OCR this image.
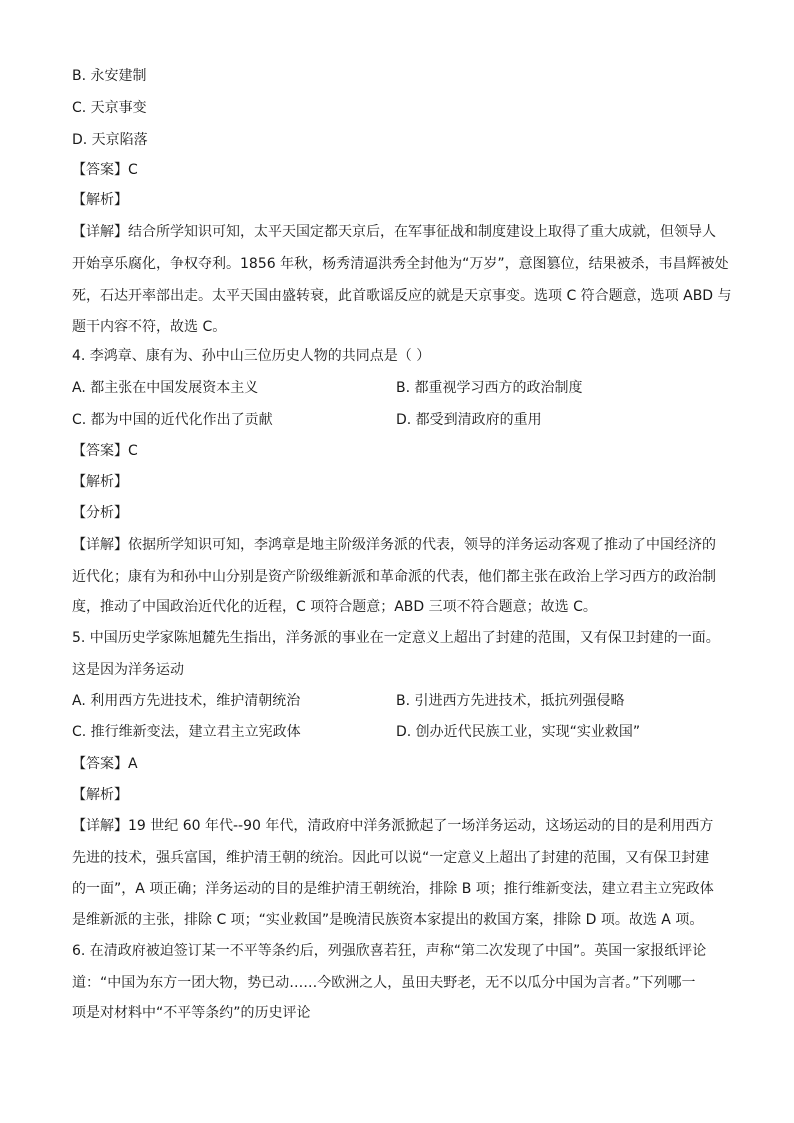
B. 永安建制
C. 天京事变
D. 天京陷落
【答案】C
【解析】
【详解】结合所学知识可知，太平天国定都天京后，在军事征战和制度建设上取得了重大成就，但领导人
开始享乐腐化，争权夺利。1856 年秋，杨秀清逼洪秀全封他为“万岁”，意图篡位，结果被杀，韦昌辉被处
死，石达开率部出走。太平天国由盛转衰，此首歌谣反应的就是天京事变。选项 C 符合题意，选项 ABD 与
题干内容不符，故选 C。
4. 李鸿章、康有为、孙中山三位历史人物的共同点是（ ）
A. 都主张在中国发展资本主义	B. 都重视学习西方的政治制度
C. 都为中国的近代化作出了贡献	D. 都受到清政府的重用
【答案】C
【解析】
【分析】
【详解】依据所学知识可知，李鸿章是地主阶级洋务派的代表，领导的洋务运动客观了推动了中国经济的
近代化；康有为和孙中山分别是资产阶级维新派和革命派的代表，他们都主张在政治上学习西方的政治制
度，推动了中国政治近代化的近程，C 项符合题意；ABD 三项不符合题意；故选 C。
5. 中国历史学家陈旭麓先生指出，洋务派的事业在一定意义上超出了封建的范围，又有保卫封建的一面。
这是因为洋务运动
A. 利用西方先进技术，维护清朝统治	B. 引进西方先进技术，抵抗列强侵略
C. 推行维新变法，建立君主立宪政体	D. 创办近代民族工业，实现“实业救国”
【答案】A
【解析】
【详解】19 世纪 60 年代--90 年代，清政府中洋务派掀起了一场洋务运动，这场运动的目的是利用西方
先进的技术，强兵富国，维护清王朝的统治。因此可以说“一定意义上超出了封建的范围，又有保卫封建
的一面”，A 项正确；洋务运动的目的是维护清王朝统治，排除 B 项；推行维新变法，建立君主立宪政体
是维新派的主张，排除 C 项；“实业救国”是晚清民族资本家提出的救国方案，排除 D 项。故选 A 项。
6. 在清政府被迫签订某一不平等条约后，列强欣喜若狂，声称“第二次发现了中国”。英国一家报纸评论
道：“中国为东方一团大物，势已动……今欧洲之人，虽田夫野老，无不以瓜分中国为言者。”下列哪一
项是对材料中“不平等条约”的历史评论
